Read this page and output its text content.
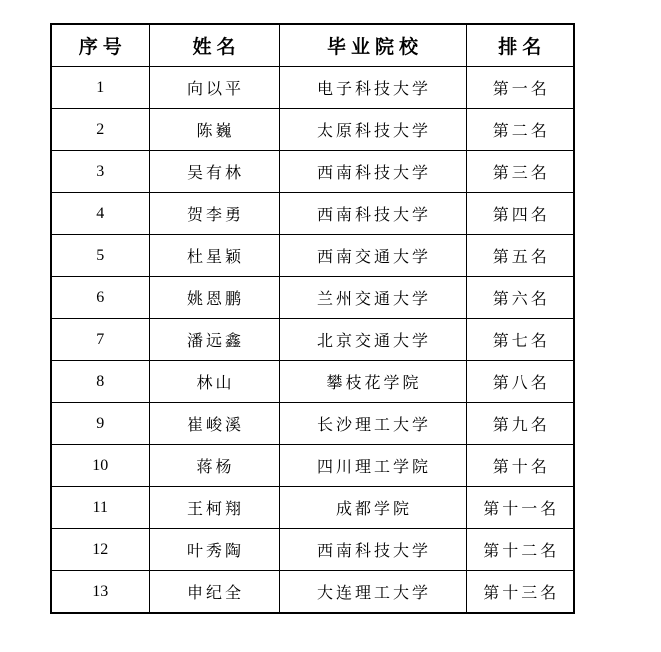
序号	姓名	毕业院校	排名
1	向以平	电子科技大学	第一名
2	陈巍	太原科技大学	第二名
3	吴有林	西南科技大学	第三名
4	贺李勇	西南科技大学	第四名
5	杜星颖	西南交通大学	第五名
6	姚恩鹏	兰州交通大学	第六名
7	潘远鑫	北京交通大学	第七名
8	林山	攀枝花学院	第八名
9	崔峻溪	长沙理工大学	第九名
10	蒋杨	四川理工学院	第十名
11	王柯翔	成都学院	第十一名
12	叶秀陶	西南科技大学	第十二名
13	申纪全	大连理工大学	第十三名
